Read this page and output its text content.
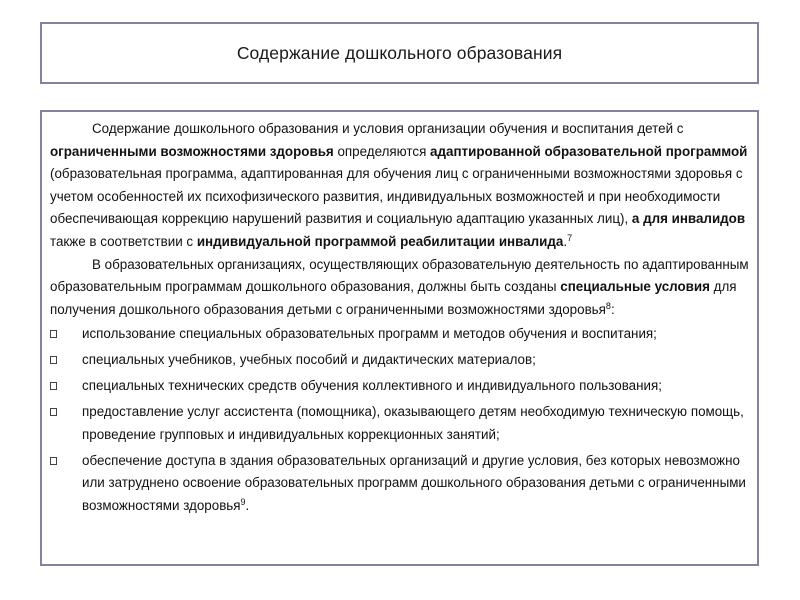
Содержание дошкольного образования

Содержание дошкольного образования и условия организации обучения и воспитания детей с ограниченными возможностями здоровья определяются адаптированной образовательной программой (образовательная программа, адаптированная для обучения лиц с ограниченными возможностями здоровья с учетом особенностей их психофизического развития, индивидуальных возможностей и при необходимости обеспечивающая коррекцию нарушений развития и социальную адаптацию указанных лиц), а для инвалидов также в соответствии с индивидуальной программой реабилитации инвалида.$^7$

В образовательных организациях, осуществляющих образовательную деятельность по адаптированным образовательным программам дошкольного образования, должны быть созданы специальные условия для получения дошкольного образования детьми с ограниченными возможностями здоровья$^8$:

использование специальных образовательных программ и методов обучения и воспитания;
специальных учебников, учебных пособий и дидактических материалов;
специальных технических средств обучения коллективного и индивидуального пользования;
предоставление услуг ассистента (помощника), оказывающего детям необходимую техническую помощь, проведение групповых и индивидуальных коррекционных занятий;
обеспечение доступа в здания образовательных организаций и другие условия, без которых невозможно или затруднено освоение образовательных программ дошкольного образования детьми с ограниченными возможностями здоровья$^9$.
